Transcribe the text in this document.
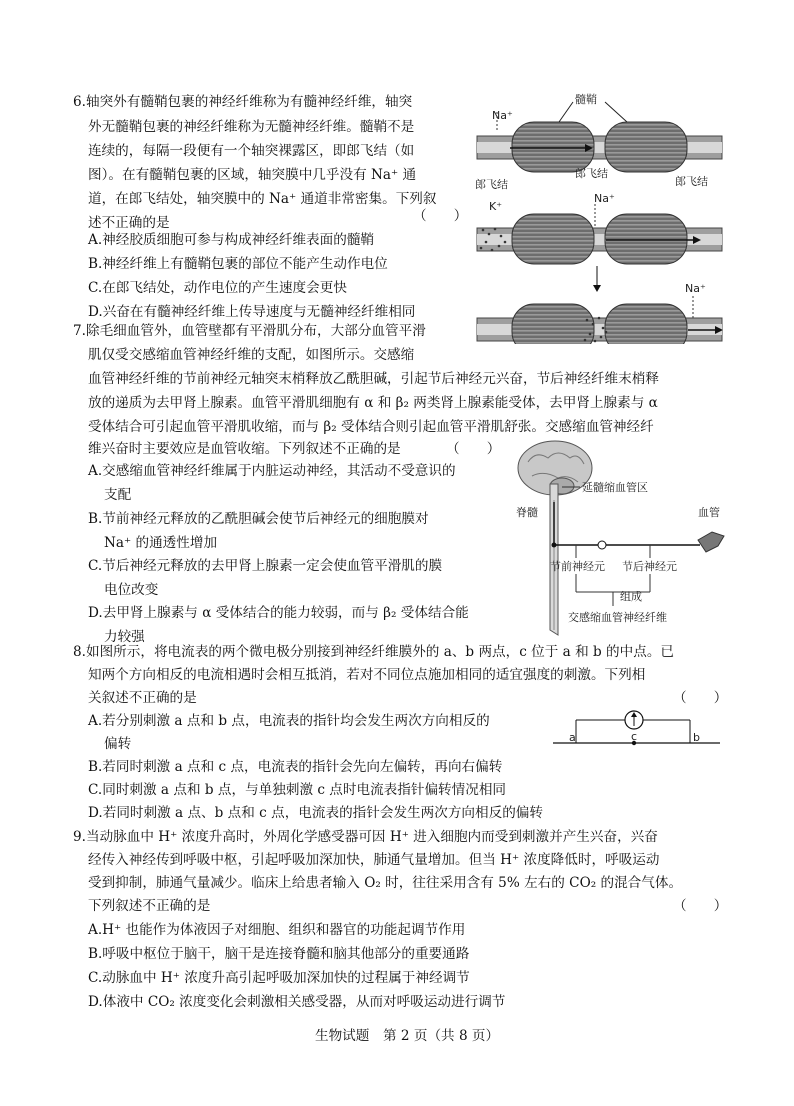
6.轴突外有髓鞘包裹的神经纤维称为有髓神经纤维，轴突
外无髓鞘包裹的神经纤维称为无髓神经纤维。髓鞘不是
连续的，每隔一段便有一个轴突裸露区，即郎飞结（如
图）。在有髓鞘包裹的区域，轴突膜中几乎没有 Na⁺ 通
道，在郎飞结处，轴突膜中的 Na⁺ 通道非常密集。下列叙
述不正确的是	（　　）
A.神经胶质细胞可参与构成神经纤维表面的髓鞘
B.神经纤维上有髓鞘包裹的部位不能产生动作电位
C.在郎飞结处，动作电位的产生速度会更快
D.兴奋在有髓神经纤维上传导速度与无髓神经纤维相同
髓鞘
Na⁺
郎飞结
郎飞结
郎飞结
K⁺
Na⁺
Na⁺
7.除毛细血管外，血管壁都有平滑肌分布，大部分血管平滑
肌仅受交感缩血管神经纤维的支配，如图所示。交感缩
血管神经纤维的节前神经元轴突末梢释放乙酰胆碱，引起节后神经元兴奋，节后神经纤维末梢释
放的递质为去甲肾上腺素。血管平滑肌细胞有 α 和 β₂ 两类肾上腺素能受体，去甲肾上腺素与 α
受体结合可引起血管平滑肌收缩，而与 β₂ 受体结合则引起血管平滑肌舒张。交感缩血管神经纤
维兴奋时主要效应是血管收缩。下列叙述不正确的是	（　　）
A.交感缩血管神经纤维属于内脏运动神经，其活动不受意识的
支配
B.节前神经元释放的乙酰胆碱会使节后神经元的细胞膜对
Na⁺ 的通透性增加
C.节后神经元释放的去甲肾上腺素一定会使血管平滑肌的膜
电位改变
D.去甲肾上腺素与 α 受体结合的能力较弱，而与 β₂ 受体结合能
力较强
延髓缩血管区
脊髓	血管
节前神经元 节后神经元
组成
交感缩血管神经纤维
8.如图所示，将电流表的两个微电极分别接到神经纤维膜外的 a、b 两点，c 位于 a 和 b 的中点。已
知两个方向相反的电流相遇时会相互抵消，若对不同位点施加相同的适宜强度的刺激。下列相
关叙述不正确的是	（　　）
A.若分别刺激 a 点和 b 点，电流表的指针均会发生两次方向相反的
偏转
B.若同时刺激 a 点和 c 点，电流表的指针会先向左偏转，再向右偏转
C.同时刺激 a 点和 b 点，与单独刺激 c 点时电流表指针偏转情况相同
D.若同时刺激 a 点、b 点和 c 点，电流表的指针会发生两次方向相反的偏转
a	c	b
9.当动脉血中 H⁺ 浓度升高时，外周化学感受器可因 H⁺ 进入细胞内而受到刺激并产生兴奋，兴奋
经传入神经传到呼吸中枢，引起呼吸加深加快，肺通气量增加。但当 H⁺ 浓度降低时，呼吸运动
受到抑制，肺通气量减少。临床上给患者输入 O₂ 时，往往采用含有 5% 左右的 CO₂ 的混合气体。
下列叙述不正确的是	（　　）
A.H⁺ 也能作为体液因子对细胞、组织和器官的功能起调节作用
B.呼吸中枢位于脑干，脑干是连接脊髓和脑其他部分的重要通路
C.动脉血中 H⁺ 浓度升高引起呼吸加深加快的过程属于神经调节
D.体液中 CO₂ 浓度变化会刺激相关感受器，从而对呼吸运动进行调节
生物试题　第 2 页（共 8 页）
